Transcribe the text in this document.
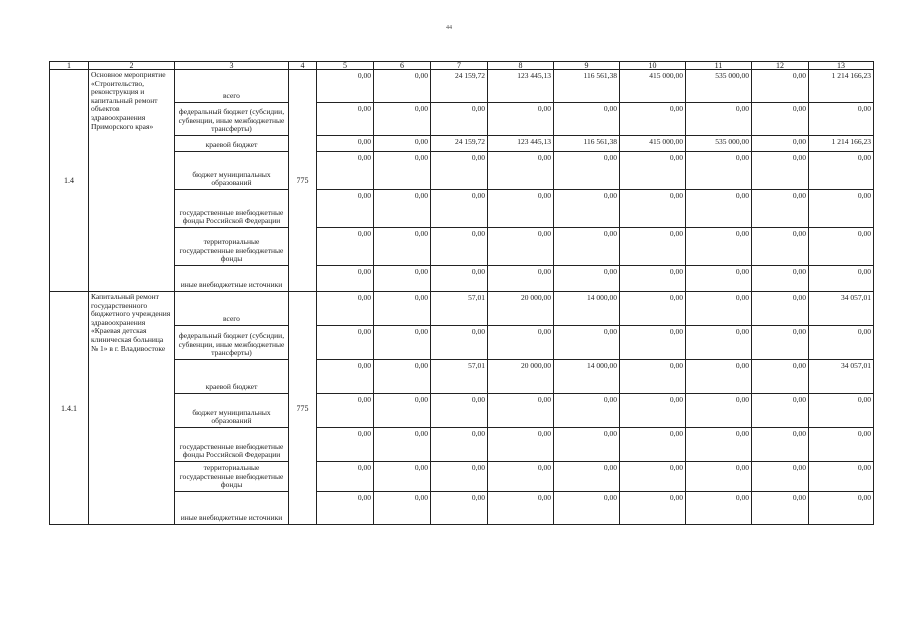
44
1	2	3	4	5	6	7	8	9	10	11	12	13
1.4	Основное мероприятие «Строительство, реконструкция и капитальный ремонт объектов здравоохранения Приморского края»	всего	775	0,00	0,00	24 159,72	123 445,13	116 561,38	415 000,00	535 000,00	0,00	1 214 166,23
		федеральный бюджет (субсидии, субвенции, иные межбюджетные трансферты)		0,00	0,00	0,00	0,00	0,00	0,00	0,00	0,00	0,00
		краевой бюджет		0,00	0,00	24 159,72	123 445,13	116 561,38	415 000,00	535 000,00	0,00	1 214 166,23
		бюджет муниципальных образований		0,00	0,00	0,00	0,00	0,00	0,00	0,00	0,00	0,00
		государственные внебюджетные фонды Российской Федерации		0,00	0,00	0,00	0,00	0,00	0,00	0,00	0,00	0,00
		территориальные государственные внебюджетные фонды		0,00	0,00	0,00	0,00	0,00	0,00	0,00	0,00	0,00
		иные внебюджетные источники		0,00	0,00	0,00	0,00	0,00	0,00	0,00	0,00	0,00
1.4.1	Капитальный ремонт государственного бюджетного учреждения здравоохранения «Краевая детская клиническая больница № 1» в г. Владивостоке	всего	775	0,00	0,00	57,01	20 000,00	14 000,00	0,00	0,00	0,00	34 057,01
		федеральный бюджет (субсидии, субвенции, иные межбюджетные трансферты)		0,00	0,00	0,00	0,00	0,00	0,00	0,00	0,00	0,00
		краевой бюджет		0,00	0,00	57,01	20 000,00	14 000,00	0,00	0,00	0,00	34 057,01
		бюджет муниципальных образований		0,00	0,00	0,00	0,00	0,00	0,00	0,00	0,00	0,00
		государственные внебюджетные фонды Российской Федерации		0,00	0,00	0,00	0,00	0,00	0,00	0,00	0,00	0,00
		территориальные государственные внебюджетные фонды		0,00	0,00	0,00	0,00	0,00	0,00	0,00	0,00	0,00
		иные внебюджетные источники		0,00	0,00	0,00	0,00	0,00	0,00	0,00	0,00	0,00
